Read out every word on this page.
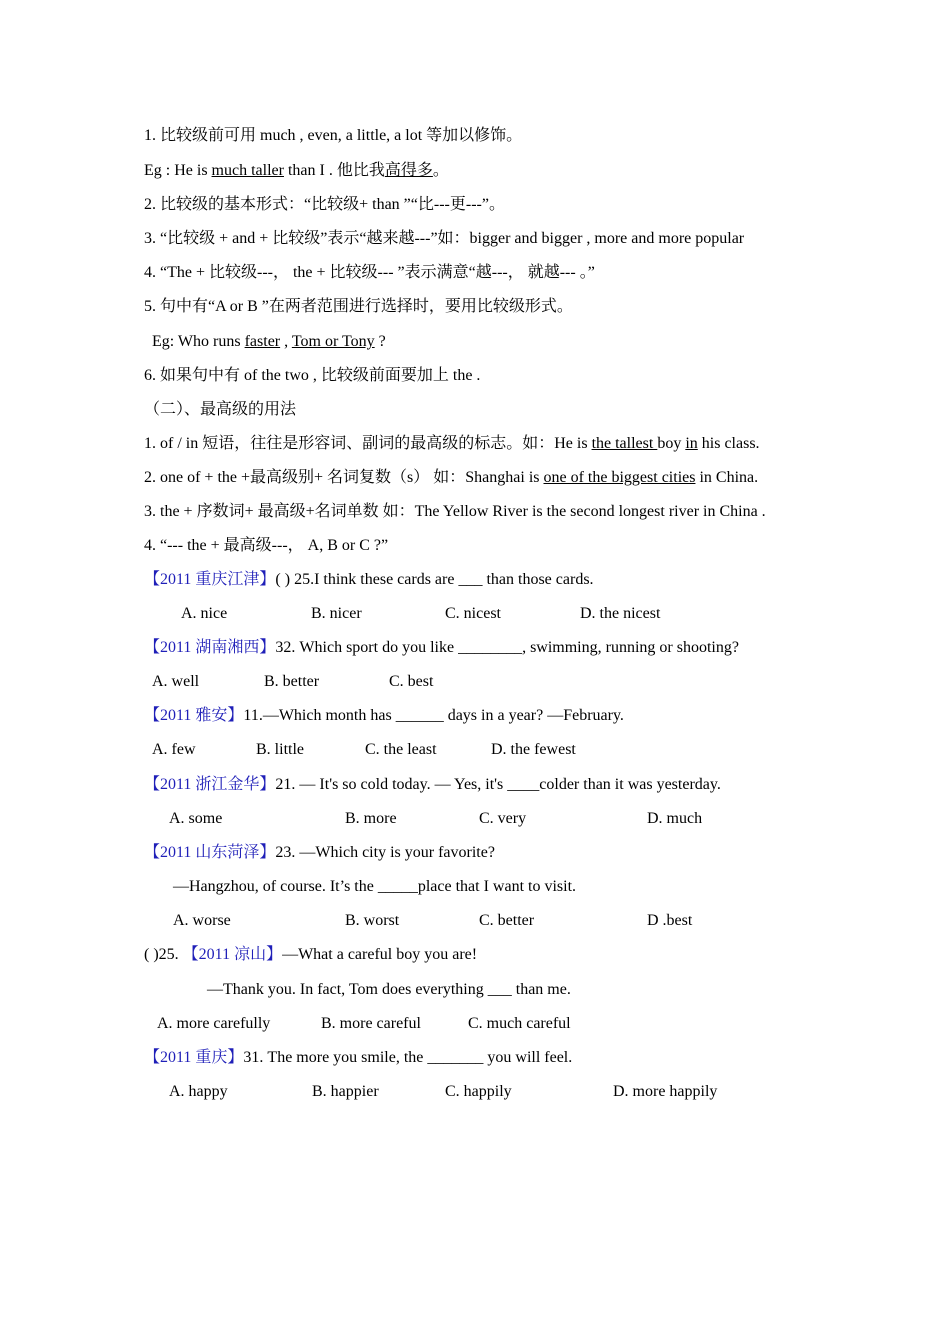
1. 比较级前可用 much , even, a little, a lot 等加以修饰。
Eg : He is much taller than I . 他比我高得多。
2. 比较级的基本形式：“比较级+ than ”“比---更---”。
3. “比较级 + and + 比较级”表示“越来越---”如：bigger and bigger , more and more popular
4. “The + 比较级---， the + 比较级--- ”表示满意“越---， 就越--- 。”
5. 句中有“A or B ”在两者范围进行选择时，要用比较级形式。
Eg: Who runs faster , Tom or Tony ?
6. 如果句中有 of the two , 比较级前面要加上 the .
（二）、最高级的用法
1. of / in 短语，往往是形容词、副词的最高级的标志。如：He is the tallest boy in his class.
2. one of + the +最高级别+ 名词复数（s） 如：Shanghai is one of the biggest cities in China.
3. the + 序数词+ 最高级+名词单数 如：The Yellow River is the second longest river in China .
4. “--- the + 最高级---， A, B or C ?”
【2011 重庆江津】( ) 25.I think these cards are ___ than those cards.
A. nice	B. nicer	C. nicest	D. the nicest
【2011 湖南湘西】32. Which sport do you like ________, swimming, running or shooting?
A. well	B. better	C. best
【2011 雅安】11.—Which month has ______ days in a year? —February.
A. few	B. little	C. the least	D. the fewest
【2011 浙江金华】21. — It's so cold today. — Yes, it's ____colder than it was yesterday.
A. some	B. more	C. very	D. much
【2011 山东菏泽】23. —Which city is your favorite?
—Hangzhou, of course. It’s the _____place that I want to visit.
A. worse	B. worst	C. better	D .best
( )25. 【2011 凉山】—What a careful boy you are!
—Thank you. In fact, Tom does everything ___ than me.
A. more carefully	B. more careful	C. much careful
【2011 重庆】31. The more you smile, the _______ you will feel.
A. happy	B. happier	C. happily	D. more happily
